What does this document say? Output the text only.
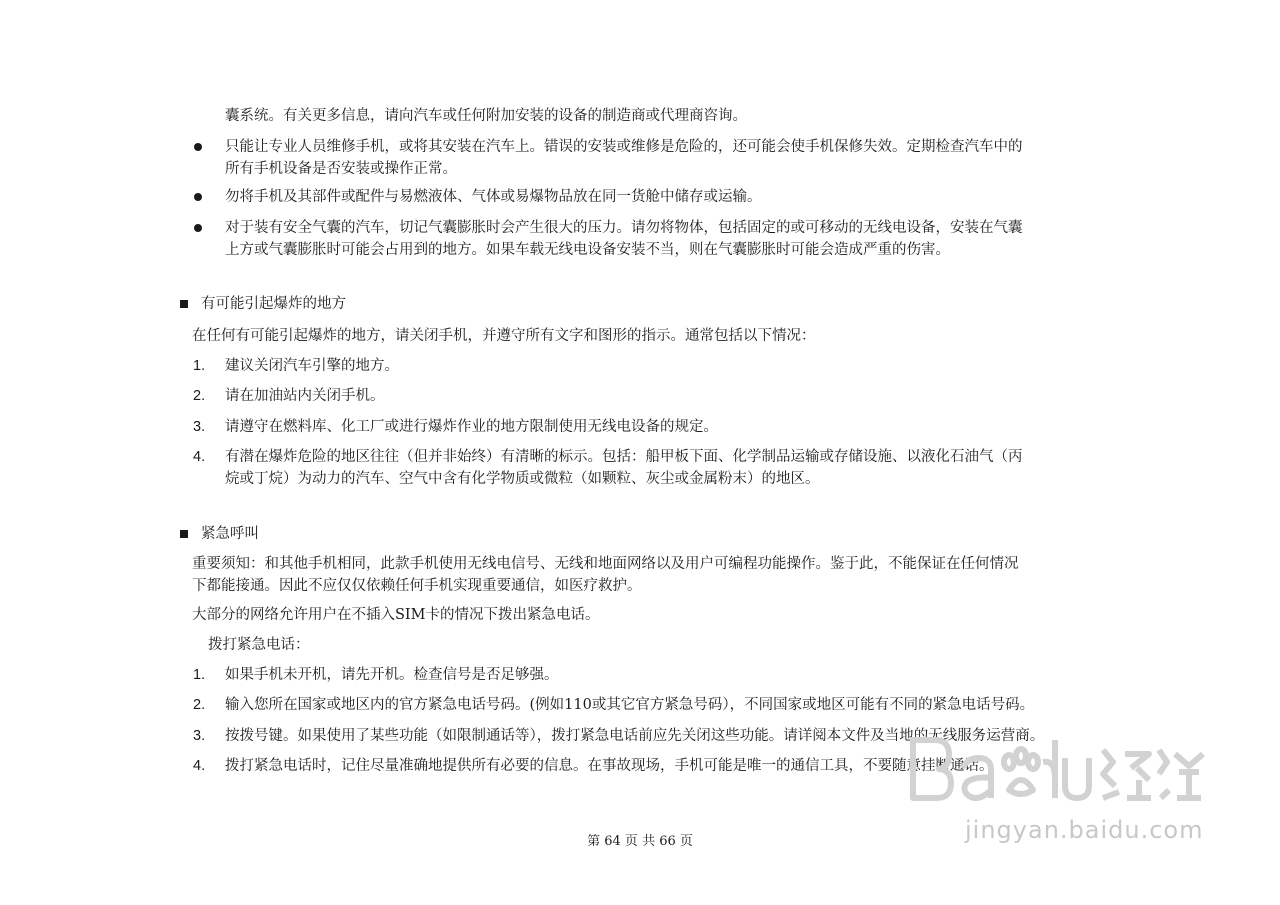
囊系统。有关更多信息，请向汽车或任何附加安装的设备的制造商或代理商咨询。
只能让专业人员维修手机，或将其安装在汽车上。错误的安装或维修是危险的，还可能会使手机保修失效。定期检查汽车中的
所有手机设备是否安装或操作正常。
勿将手机及其部件或配件与易燃液体、气体或易爆物品放在同一货舱中储存或运输。
对于装有安全气囊的汽车，切记气囊膨胀时会产生很大的压力。请勿将物体，包括固定的或可移动的无线电设备，安装在气囊
上方或气囊膨胀时可能会占用到的地方。如果车载无线电设备安装不当，则在气囊膨胀时可能会造成严重的伤害。
有可能引起爆炸的地方
在任何有可能引起爆炸的地方，请关闭手机，并遵守所有文字和图形的指示。通常包括以下情况：
1. 建议关闭汽车引擎的地方。
2. 请在加油站内关闭手机。
3. 请遵守在燃料库、化工厂或进行爆炸作业的地方限制使用无线电设备的规定。
4. 有潜在爆炸危险的地区往往（但并非始终）有清晰的标示。包括：船甲板下面、化学制品运输或存储设施、以液化石油气（丙
烷或丁烷）为动力的汽车、空气中含有化学物质或微粒（如颗粒、灰尘或金属粉末）的地区。
紧急呼叫
重要须知：和其他手机相同，此款手机使用无线电信号、无线和地面网络以及用户可编程功能操作。鉴于此，不能保证在任何情况
下都能接通。因此不应仅仅依赖任何手机实现重要通信，如医疗救护。
大部分的网络允许用户在不插入SIM卡的情况下拨出紧急电话。
拨打紧急电话：
1. 如果手机未开机，请先开机。检查信号是否足够强。
2. 输入您所在国家或地区内的官方紧急电话号码。(例如110或其它官方紧急号码），不同国家或地区可能有不同的紧急电话号码。
3. 按拨号键。如果使用了某些功能（如限制通话等），拨打紧急电话前应先关闭这些功能。请详阅本文件及当地的无线服务运营商。
4. 拨打紧急电话时，记住尽量准确地提供所有必要的信息。在事故现场，手机可能是唯一的通信工具，不要随意挂断通话。
第 64 页 共 66 页	jingyan.baidu.com
